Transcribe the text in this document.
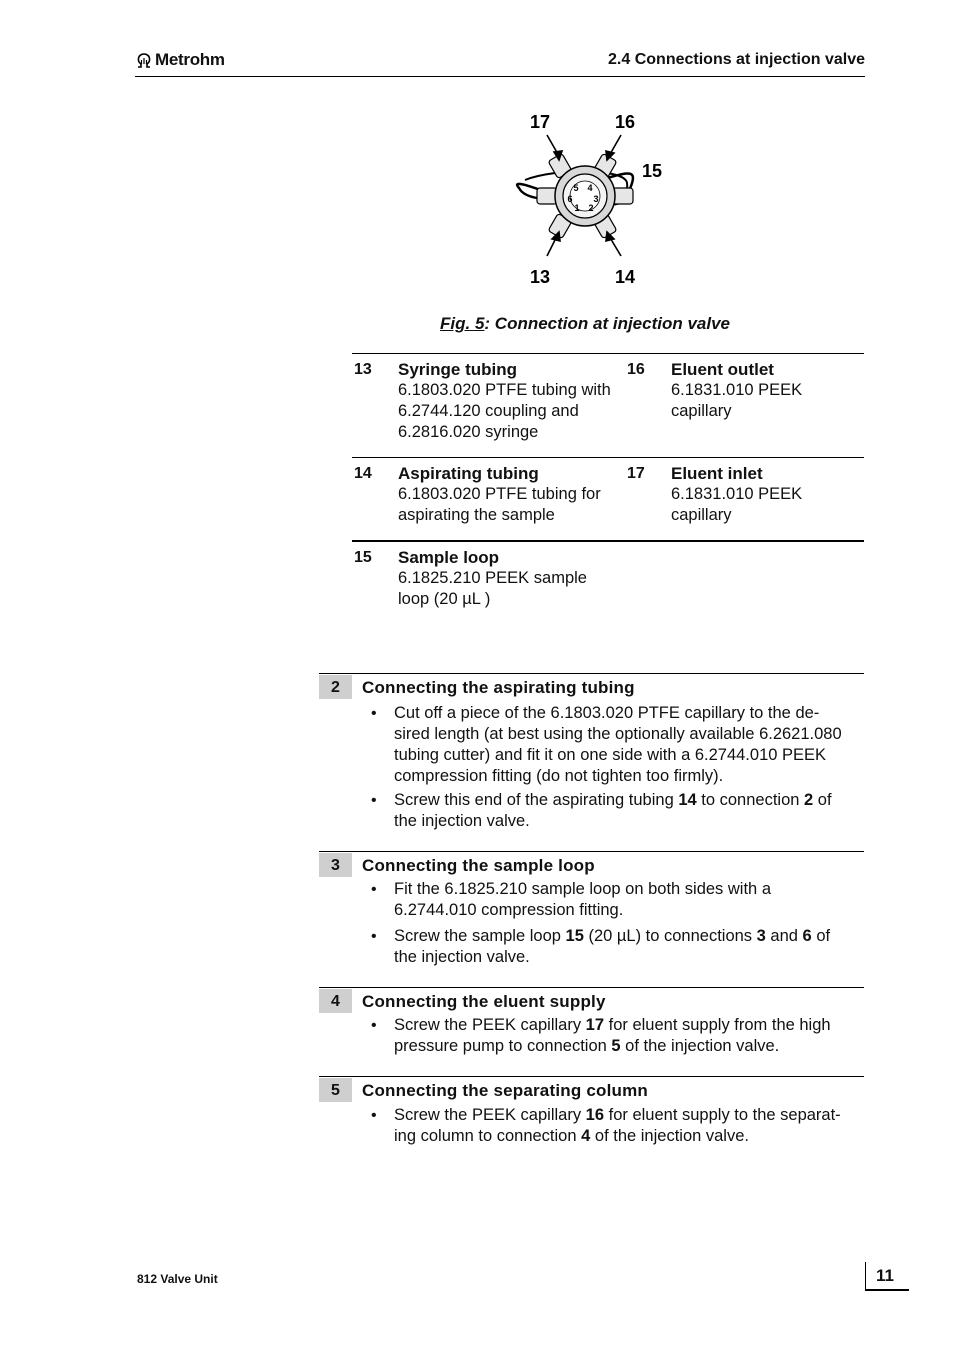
Metrohm	2.4 Connections at injection valve
5 4
6 3
1 2
17	16
15
13	14
Fig. 5: Connection at injection valve
13 Syringe tubing
6.1803.020 PTFE tubing with
6.2744.120 coupling and
6.2816.020 syringe
16 Eluent outlet
6.1831.010 PEEK
capillary
14 Aspirating tubing
6.1803.020 PTFE tubing for
aspirating the sample
17 Eluent inlet
6.1831.010 PEEK
capillary
15 Sample loop
6.1825.210 PEEK sample
loop (20 µL )
2	Connecting the aspirating tubing
• Cut off a piece of the 6.1803.020 PTFE capillary to the de-
sired length (at best using the optionally available 6.2621.080
tubing cutter) and fit it on one side with a 6.2744.010 PEEK
compression fitting (do not tighten too firmly).
• Screw this end of the aspirating tubing 14 to connection 2 of
the injection valve.
3	Connecting the sample loop
• Fit the 6.1825.210 sample loop on both sides with a
6.2744.010 compression fitting.
• Screw the sample loop 15 (20 µL) to connections 3 and 6 of
the injection valve.
4	Connecting the eluent supply
• Screw the PEEK capillary 17 for eluent supply from the high
pressure pump to connection 5 of the injection valve.
5	Connecting the separating column
• Screw the PEEK capillary 16 for eluent supply to the separat-
ing column to connection 4 of the injection valve.
812 Valve Unit	11
